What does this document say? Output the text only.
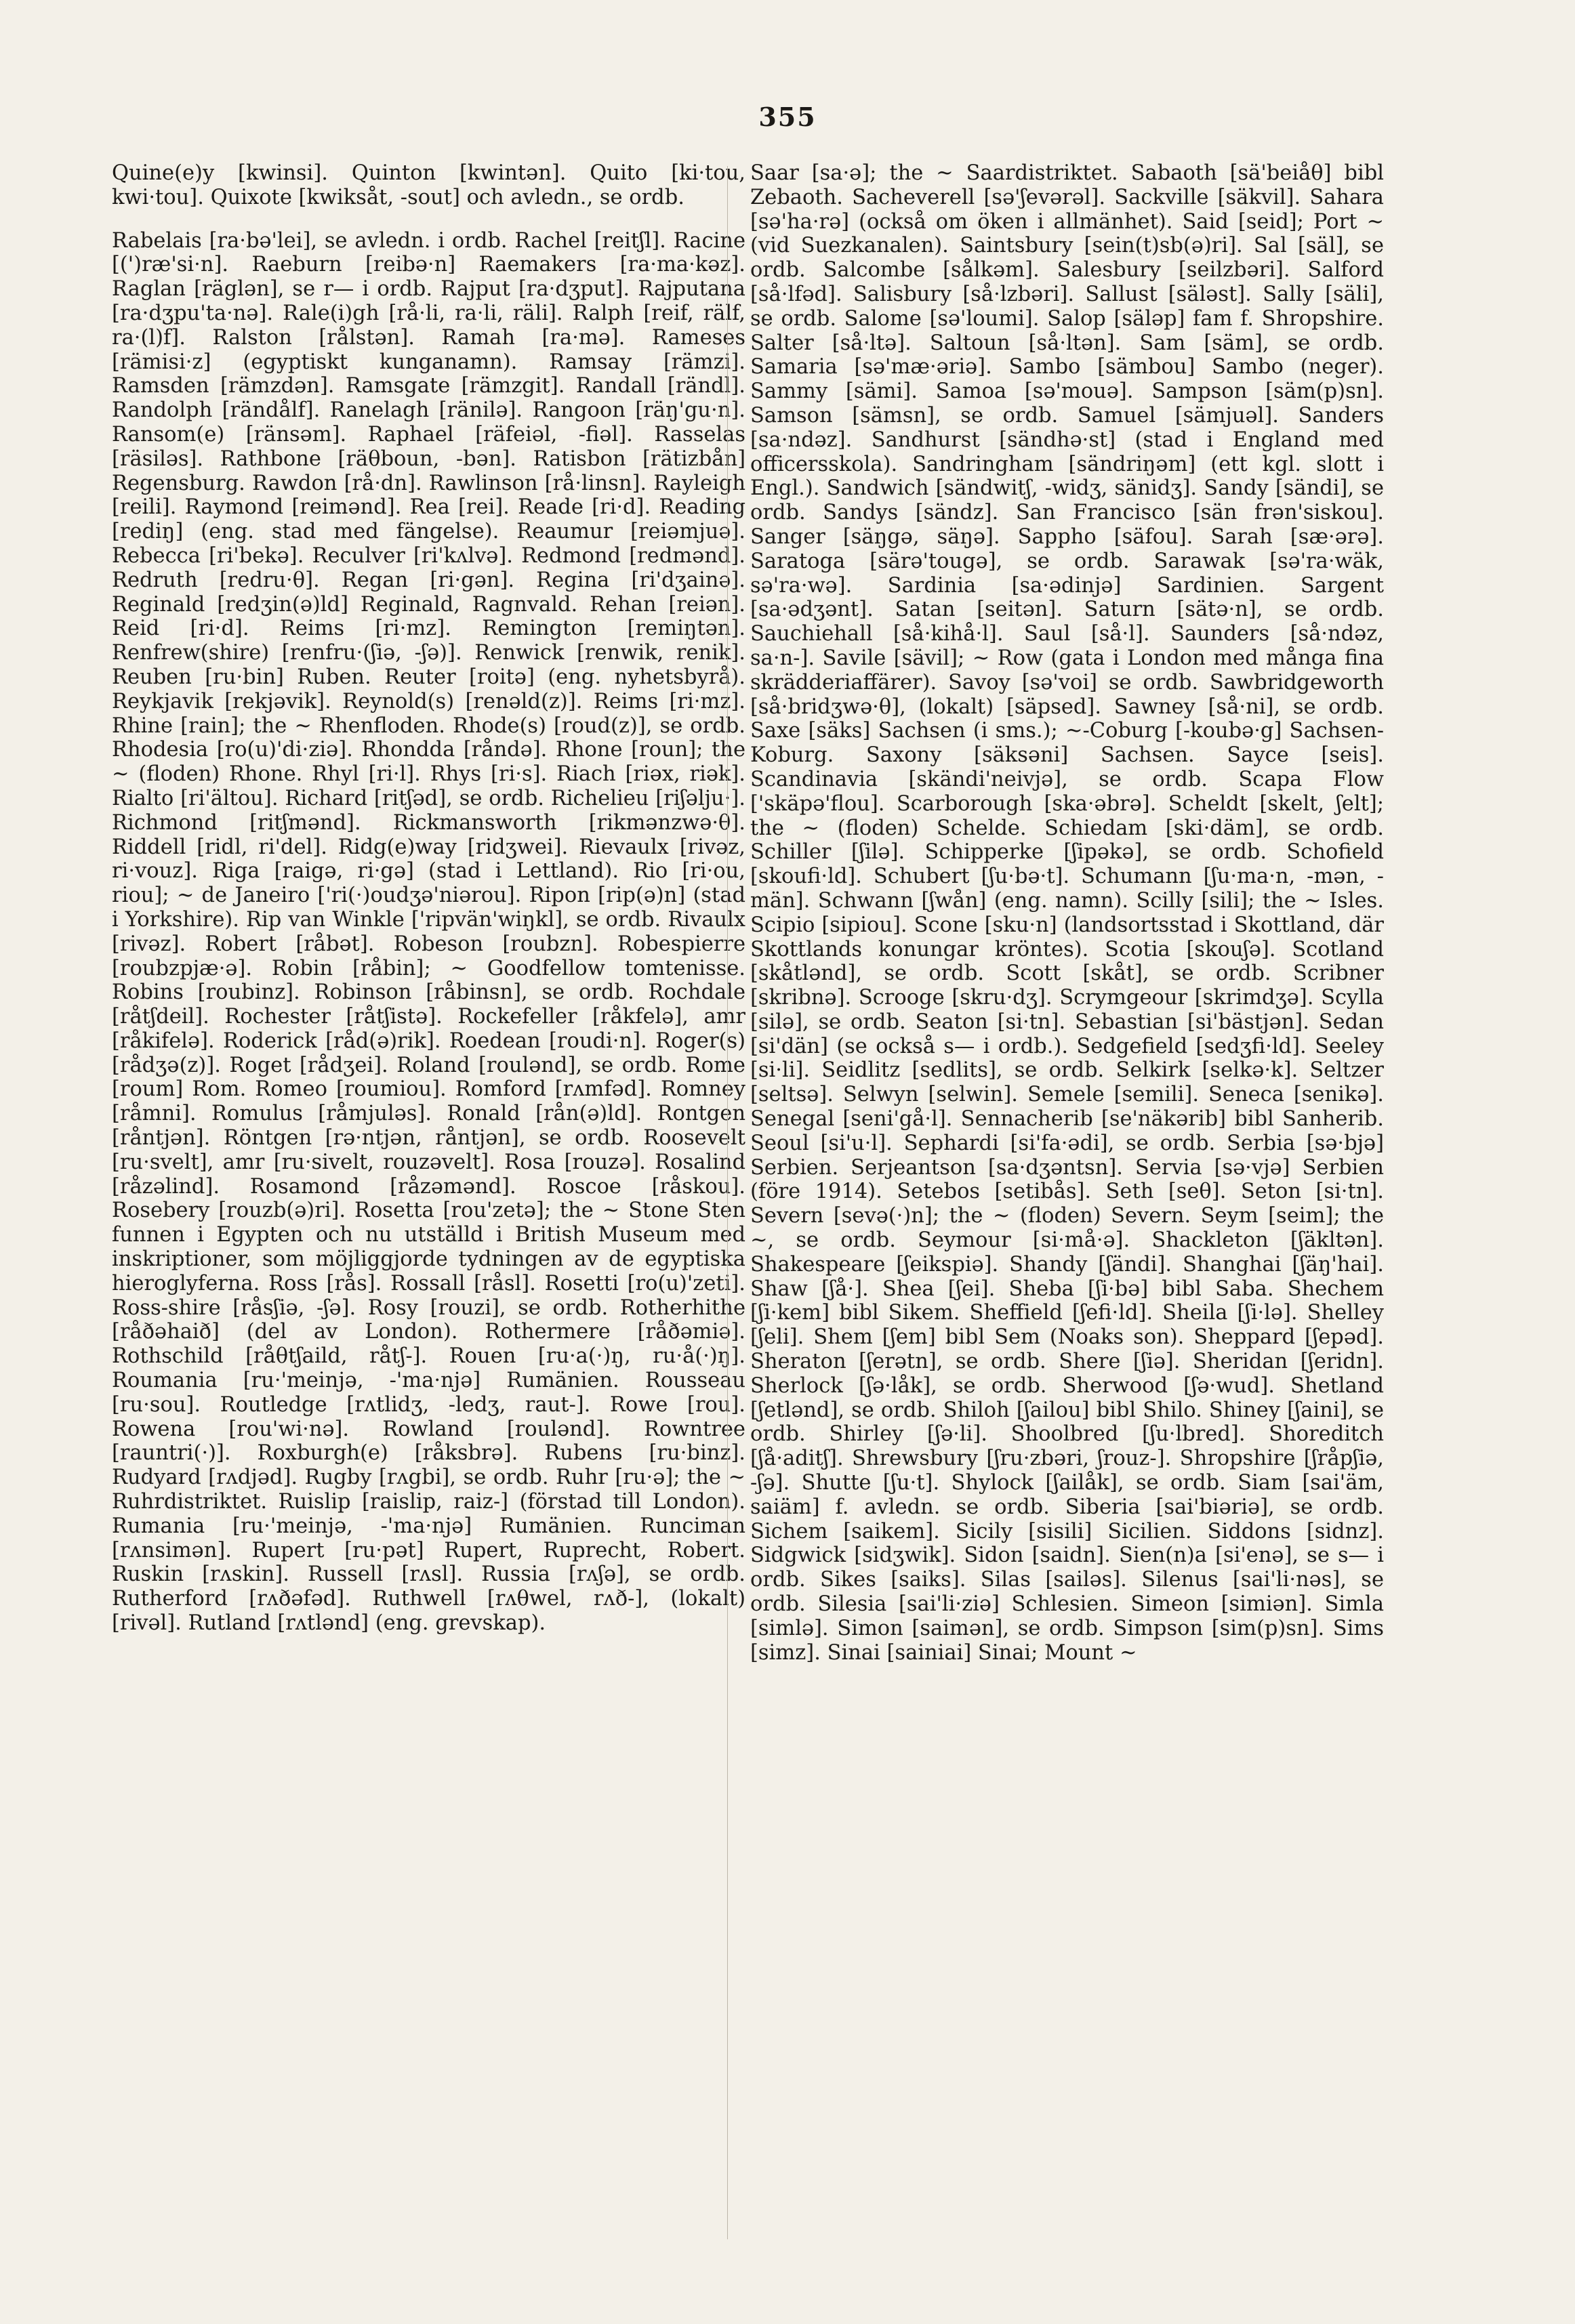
355

Quine(e)y [kwinsi]. Quinton [kwintən]. Quito [ki·tou, kwi·tou]. Quixote [kwiksåt, -sout] och avledn., se ordb.

Rabelais [ra·bə'lei], se avledn. i ordb. Rachel [reitʃl]. Racine [(')ræ'si·n]. Raeburn [reibə·n] Raemakers [ra·ma·kəz]. Raglan [räglən], se r— i ordb. Rajput [ra·dʒput]. Rajputana [ra·dʒpu'ta·nə]. Rale(i)gh [rå·li, ra·li, räli]. Ralph [reif, rälf, ra·(l)f]. Ralston [rålstən]. Ramah [ra·mə]. Rameses [rämisi·z] (egyptiskt kunganamn). Ramsay [rämzi]. Ramsden [rämzdən]. Ramsgate [rämzgit]. Randall [rändl]. Randolph [rändålf]. Ranelagh [ränilə]. Rangoon [räŋ'gu·n]. Ransom(e) [ränsəm]. Raphael [räfeiəl, -fiəl]. Rasselas [räsiləs]. Rathbone [räθboun, -bən]. Ratisbon [rätizbån] Regensburg. Rawdon [rå·dn]. Rawlinson [rå·linsn]. Rayleigh [reili]. Raymond [reimənd]. Rea [rei]. Reade [ri·d]. Reading [rediŋ] (eng. stad med fängelse). Reaumur [reiəmjuə]. Rebecca [ri'bekə]. Reculver [ri'kʌlvə]. Redmond [redmənd]. Redruth [redru·θ]. Regan [ri·gən]. Regina [ri'dʒainə]. Reginald [redʒin(ə)ld] Reginald, Ragnvald. Rehan [reiən]. Reid [ri·d]. Reims [ri·mz]. Remington [remiŋtən]. Renfrew(shire) [renfru·(ʃiə, -ʃə)]. Renwick [renwik, renik]. Reuben [ru·bin] Ruben. Reuter [roitə] (eng. nyhetsbyrå). Reykjavik [rekjəvik]. Reynold(s) [renəld(z)]. Reims [ri·mz]. Rhine [rain]; the ~ Rhenfloden. Rhode(s) [roud(z)], se ordb. Rhodesia [ro(u)'di·ziə]. Rhondda [råndə]. Rhone [roun]; the ~ (floden) Rhone. Rhyl [ri·l]. Rhys [ri·s]. Riach [riəx, riək]. Rialto [ri'ältou]. Richard [ritʃəd], se ordb. Richelieu [riʃəlju·]. Richmond [ritʃmənd]. Rickmansworth [rikmənzwə·θ]. Riddell [ridl, ri'del]. Ridg(e)way [ridʒwei]. Rievaulx [rivəz, ri·vouz]. Riga [raigə, ri·gə] (stad i Lettland). Rio [ri·ou, riou]; ~ de Janeiro ['ri(·)oudʒə'niərou]. Ripon [rip(ə)n] (stad i Yorkshire). Rip van Winkle ['ripvän'wiŋkl], se ordb. Rivaulx [rivəz]. Robert [råbət]. Robeson [roubzn]. Robespierre [roubzpjæ·ə]. Robin [råbin]; ~ Goodfellow tomtenisse. Robins [roubinz]. Robinson [råbinsn], se ordb. Rochdale [råtʃdeil]. Rochester [råtʃistə]. Rockefeller [råkfelə], amr [råkifelə]. Roderick [råd(ə)rik]. Roedean [roudi·n]. Roger(s) [rådʒə(z)]. Roget [rådʒei]. Roland [roulənd], se ordb. Rome [roum] Rom. Romeo [roumiou]. Romford [rʌmfəd]. Romney [råmni]. Romulus [råmjuləs]. Ronald [rån(ə)ld]. Rontgen [råntjən]. Röntgen [rə·ntjən, råntjən], se ordb. Roosevelt [ru·svelt], amr [ru·sivelt, rouzəvelt]. Rosa [rouzə]. Rosalind [råzəlind]. Rosamond [råzəmənd]. Roscoe [råskou]. Rosebery [rouzb(ə)ri]. Rosetta [rou'zetə]; the ~ Stone Sten funnen i Egypten och nu utställd i British Museum med inskriptioner, som möjliggjorde tydningen av de egyptiska hieroglyferna. Ross [rås]. Rossall [råsl]. Rosetti [ro(u)'zeti]. Ross-shire [råsʃiə, -ʃə]. Rosy [rouzi], se ordb. Rotherhithe [råðəhaið] (del av London). Rothermere [råðəmiə]. Rothschild [råθtʃaild, råtʃ-]. Rouen [ru·a(·)ŋ, ru·å(·)ŋ]. Roumania [ru·'meinjə, -'ma·njə] Rumänien. Rousseau [ru·sou]. Routledge [rʌtlidʒ, -ledʒ, raut-]. Rowe [rou]. Rowena [rou'wi·nə]. Rowland [roulənd]. Rowntree [rauntri(·)]. Roxburgh(e) [råksbrə]. Rubens [ru·binz]. Rudyard [rʌdjəd]. Rugby [rʌgbi], se ordb. Ruhr [ru·ə]; the ~ Ruhrdistriktet. Ruislip [raislip, raiz-] (förstad till London). Rumania [ru·'meinjə, -'ma·njə] Rumänien. Runciman [rʌnsimən]. Rupert [ru·pət] Rupert, Ruprecht, Robert. Ruskin [rʌskin]. Russell [rʌsl]. Russia [rʌʃə], se ordb. Rutherford [rʌðəfəd]. Ruthwell [rʌθwel, rʌð-], (lokalt) [rivəl]. Rutland [rʌtlənd] (eng. grevskap).

Saar [sa·ə]; the ~ Saardistriktet. Sabaoth [sä'beiåθ] bibl Zebaoth. Sacheverell [sə'ʃevərəl]. Sackville [säkvil]. Sahara [sə'ha·rə] (också om öken i allmänhet). Said [seid]; Port ~ (vid Suezkanalen). Saintsbury [sein(t)sb(ə)ri]. Sal [säl], se ordb. Salcombe [sålkəm]. Salesbury [seilzbəri]. Salford [så·lfəd]. Salisbury [så·lzbəri]. Sallust [säləst]. Sally [säli], se ordb. Salome [sə'loumi]. Salop [säləp] fam f. Shropshire. Salter [så·ltə]. Saltoun [så·ltən]. Sam [säm], se ordb. Samaria [sə'mæ·əriə]. Sambo [sämbou] Sambo (neger). Sammy [sämi]. Samoa [sə'mouə]. Sampson [säm(p)sn]. Samson [sämsn], se ordb. Samuel [sämjuəl]. Sanders [sa·ndəz]. Sandhurst [sändhə·st] (stad i England med officersskola). Sandringham [sändriŋəm] (ett kgl. slott i Engl.). Sandwich [sändwitʃ, -widʒ, sänidʒ]. Sandy [sändi], se ordb. Sandys [sändz]. San Francisco [sän frən'siskou]. Sanger [säŋgə, säŋə]. Sappho [säfou]. Sarah [sæ·ərə]. Saratoga [särə'tougə], se ordb. Sarawak [sə'ra·wäk, sə'ra·wə]. Sardinia [sa·ədinjə] Sardinien. Sargent [sa·ədʒənt]. Satan [seitən]. Saturn [sätə·n], se ordb. Sauchiehall [så·kihå·l]. Saul [så·l]. Saunders [så·ndəz, sa·n-]. Savile [sävil]; ~ Row (gata i London med många fina skrädderiaffärer). Savoy [sə'voi] se ordb. Sawbridgeworth [så·bridʒwə·θ], (lokalt) [säpsed]. Sawney [så·ni], se ordb. Saxe [säks] Sachsen (i sms.); ~-Coburg [-koubə·g] Sachsen-Koburg. Saxony [säksəni] Sachsen. Sayce [seis]. Scandinavia [skändi'neivjə], se ordb. Scapa Flow ['skäpə'flou]. Scarborough [ska·əbrə]. Scheldt [skelt, ʃelt]; the ~ (floden) Schelde. Schiedam [ski·däm], se ordb. Schiller [ʃilə]. Schipperke [ʃipəkə], se ordb. Schofield [skoufi·ld]. Schubert [ʃu·bə·t]. Schumann [ʃu·ma·n, -mən, -män]. Schwann [ʃwån] (eng. namn). Scilly [sili]; the ~ Isles. Scipio [sipiou]. Scone [sku·n] (landsortsstad i Skottland, där Skottlands konungar kröntes). Scotia [skouʃə]. Scotland [skåtlənd], se ordb. Scott [skåt], se ordb. Scribner [skribnə]. Scrooge [skru·dʒ]. Scrymgeour [skrimdʒə]. Scylla [silə], se ordb. Seaton [si·tn]. Sebastian [si'bästjən]. Sedan [si'dän] (se också s— i ordb.). Sedgefield [sedʒfi·ld]. Seeley [si·li]. Seidlitz [sedlits], se ordb. Selkirk [selkə·k]. Seltzer [seltsə]. Selwyn [selwin]. Semele [semili]. Seneca [senikə]. Senegal [seni'gå·l]. Sennacherib [se'näkərib] bibl Sanherib. Seoul [si'u·l]. Sephardi [si'fa·ədi], se ordb. Serbia [sə·bjə] Serbien. Serjeantson [sa·dʒəntsn]. Servia [sə·vjə] Serbien (före 1914). Setebos [setibås]. Seth [seθ]. Seton [si·tn]. Severn [sevə(·)n]; the ~ (floden) Severn. Seym [seim]; the ~, se ordb. Seymour [si·må·ə]. Shackleton [ʃäkltən]. Shakespeare [ʃeikspiə]. Shandy [ʃändi]. Shanghai [ʃäŋ'hai]. Shaw [ʃå·]. Shea [ʃei]. Sheba [ʃi·bə] bibl Saba. Shechem [ʃi·kem] bibl Sikem. Sheffield [ʃefi·ld]. Sheila [ʃi·lə]. Shelley [ʃeli]. Shem [ʃem] bibl Sem (Noaks son). Sheppard [ʃepəd]. Sheraton [ʃerətn], se ordb. Shere [ʃiə]. Sheridan [ʃeridn]. Sherlock [ʃə·låk], se ordb. Sherwood [ʃə·wud]. Shetland [ʃetlənd], se ordb. Shiloh [ʃailou] bibl Shilo. Shiney [ʃaini], se ordb. Shirley [ʃə·li]. Shoolbred [ʃu·lbred]. Shoreditch [ʃå·aditʃ]. Shrewsbury [ʃru·zbəri, ʃrouz-]. Shropshire [ʃråpʃiə, -ʃə]. Shutte [ʃu·t]. Shylock [ʃailåk], se ordb. Siam [sai'äm, saiäm] f. avledn. se ordb. Siberia [sai'biəriə], se ordb. Sichem [saikem]. Sicily [sisili] Sicilien. Siddons [sidnz]. Sidgwick [sidʒwik]. Sidon [saidn]. Sien(n)a [si'enə], se s— i ordb. Sikes [saiks]. Silas [sailəs]. Silenus [sai'li·nəs], se ordb. Silesia [sai'li·ziə] Schlesien. Simeon [simiən]. Simla [simlə]. Simon [saimən], se ordb. Simpson [sim(p)sn]. Sims [simz]. Sinai [sainiai] Sinai; Mount ~
